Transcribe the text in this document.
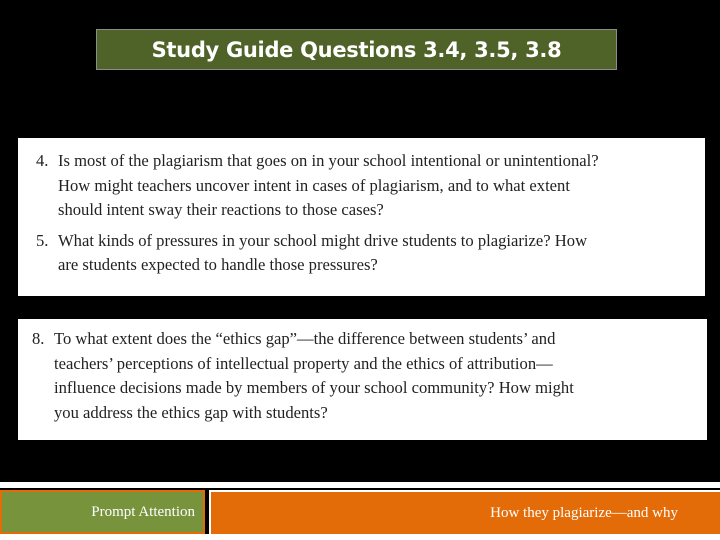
Study Guide Questions 3.4, 3.5, 3.8
4. Is most of the plagiarism that goes on in your school intentional or unintentional?
How might teachers uncover intent in cases of plagiarism, and to what extent
should intent sway their reactions to those cases?
5. What kinds of pressures in your school might drive students to plagiarize? How
are students expected to handle those pressures?
8. To what extent does the “ethics gap”—the difference between students’ and
teachers’ perceptions of intellectual property and the ethics of attribution—
influence decisions made by members of your school community? How might
you address the ethics gap with students?
Prompt Attention	How they plagiarize—and why
